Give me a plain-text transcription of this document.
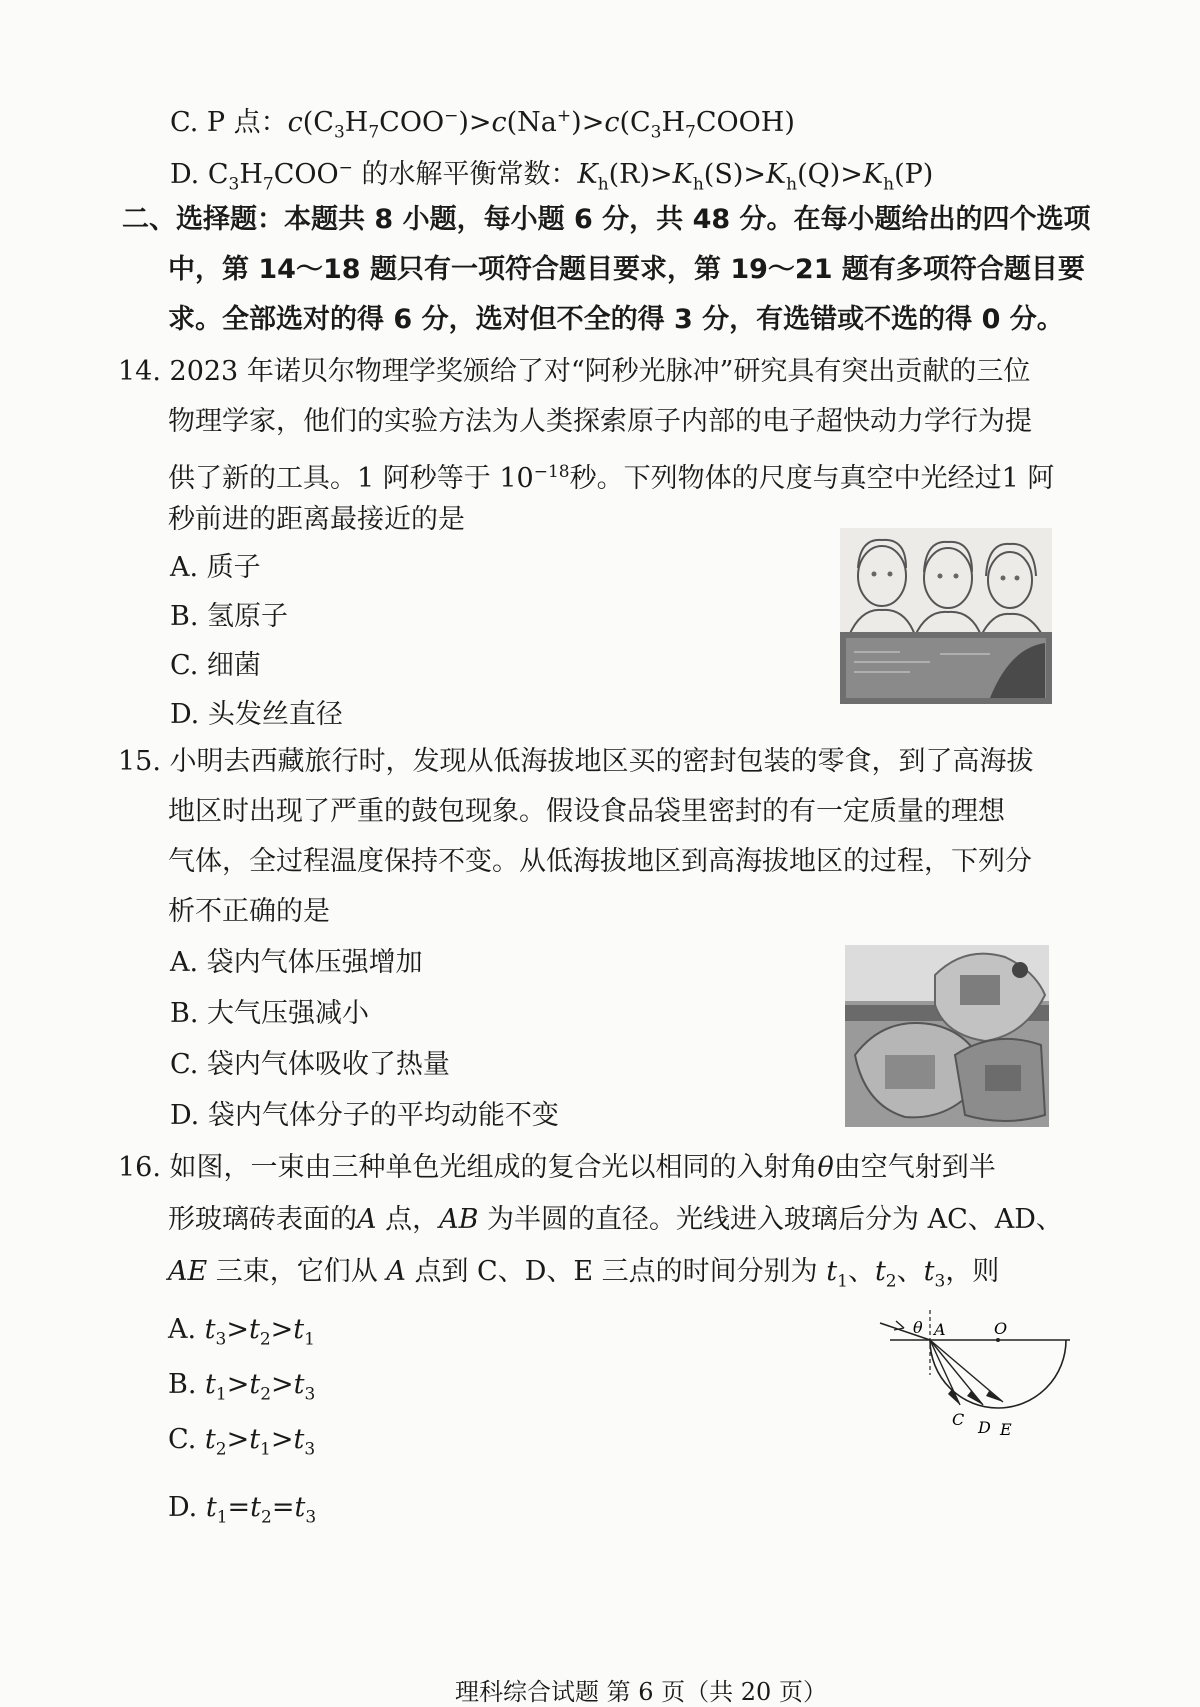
C. P 点：$c(C_3H_7COO^-)>c(Na^+)>c(C_3H_7COOH)$
D. $C_3H_7COO^-$ 的水解平衡常数：$K_h(R)>K_h(S)>K_h(Q)>K_h(P)$
二、选择题：本题共 8 小题，每小题 6 分，共 48 分。在每小题给出的四个选项
中，第 14～18 题只有一项符合题目要求，第 19～21 题有多项符合题目要
求。全部选对的得 6 分，选对但不全的得 3 分，有选错或不选的得 0 分。
14. 2023 年诺贝尔物理学奖颁给了对“阿秒光脉冲”研究具有突出贡献的三位
物理学家，他们的实验方法为人类探索原子内部的电子超快动力学行为提
供了新的工具。1 阿秒等于 $10^{-18}$秒。下列物体的尺度与真空中光经过1 阿
秒前进的距离最接近的是
A. 质子
B. 氢原子
C. 细菌
D. 头发丝直径
15. 小明去西藏旅行时，发现从低海拔地区买的密封包装的零食，到了高海拔
地区时出现了严重的鼓包现象。假设食品袋里密封的有一定质量的理想
气体，全过程温度保持不变。从低海拔地区到高海拔地区的过程，下列分
析不正确的是
A. 袋内气体压强增加
B. 大气压强减小
C. 袋内气体吸收了热量
D. 袋内气体分子的平均动能不变
16. 如图，一束由三种单色光组成的复合光以相同的入射角θ由空气射到半
形玻璃砖表面的A 点，AB 为半圆的直径。光线进入玻璃后分为 AC、AD、
AE 三束，它们从 A 点到 C、D、E 三点的时间分别为 $t_1$、$t_2$、$t_3$，则
A. $t_3>t_2>t_1$
B. $t_1>t_2>t_3$
C. $t_2>t_1>t_3$
D. $t_1=t_2=t_3$
θ A	O
C D E
理科综合试题 第 6 页（共 20 页）
